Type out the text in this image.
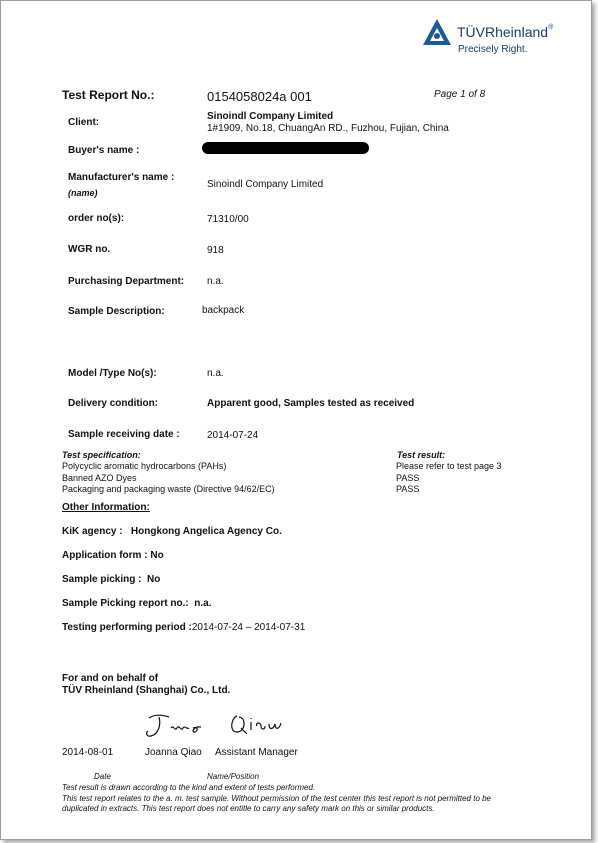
TÜVRheinland®
Precisely Right.
Test Report No.:	0154058024a 001	Page 1 of 8
Client:
Sinoindl Company Limited
1#1909, No.18, ChuangAn RD., Fuzhou, Fujian, China
Buyer's name :
Manufacturer's name :
(name)
Sinoindl Company Limited
order no(s):	71310/00
WGR no.	918
Purchasing Department: n.a.
Sample Description:	backpack
Model /Type No(s):	n.a.
Delivery condition:	Apparent good, Samples tested as received
Sample receiving date :	2014-07-24
Test specification:	Test result:
Polycyclic aromatic hydrocarbons (PAHs)	Please refer to test page 3
Banned AZO Dyes	PASS
Packaging and packaging waste (Directive 94/62/EC)	PASS
Other Information:
KiK agency : Hongkong Angelica Agency Co.
Application form : No
Sample picking : No
Sample Picking report no.: n.a.
Testing performing period :2014-07-24 – 2014-07-31
For and on behalf of
TÜV Rheinland (Shanghai) Co., Ltd.
2014-08-01	Joanna Qiao Assistant Manager
Date	Name/Position
Test result is drawn according to the kind and extent of tests performed.
This test report relates to the a. m. test sample. Without permission of the test center this test report is not permitted to be
duplicated in extracts. This test report does not entitle to carry any safety mark on this or similar products.
